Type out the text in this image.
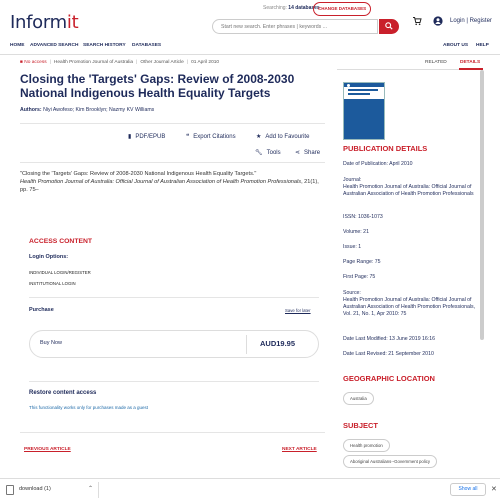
Informit
Searching: 14 databases
CHANGE DATABASES
Start new search. Enter phrases | keywords ...
Login | Register
HOME ADVANCED SEARCH SEARCH HISTORY DATABASES	ABOUT US HELP
■ No access | Health Promotion Journal of Australia | Other Journal Article | 01 April 2010
Closing the 'Targets' Gaps: Review of 2008-2030 National Indigenous Health Equality Targets
Authors: Niyi Awofeso; Kim Brooklyn; Nazmy KV Williams
▮ PDF/EPUB	❝ Export Citations	★ Add to Favourite
🔧︎ Tools ⋖ Share
"Closing the 'Targets' Gaps: Review of 2008-2030 National Indigenous Health Equality Targets."
Health Promotion Journal of Australia: Official Journal of Australian Association of Health Promotion Professionals, 21(1), pp. 75–
ACCESS CONTENT
Login Options:
INDIVIDUAL LOGIN/REGISTER
INSTITUTIONAL LOGIN
Purchase	Save for later
Buy Now	AUD19.95
Restore content access
This functionality works only for purchases made as a guest
PREVIOUS ARTICLE	NEXT ARTICLE
RELATED	DETAILS
PUBLICATION DETAILS
Date of Publication: April 2010
Journal:
Health Promotion Journal of Australia: Official Journal of Australian Association of Health Promotion Professionals
ISSN: 1036-1073
Volume: 21
Issue: 1
Page Range: 75
First Page: 75
Source:
Health Promotion Journal of Australia: Official Journal of Australian Association of Health Promotion Professionals, Vol. 21, No. 1, Apr 2010: 75
Date Last Modified: 13 June 2019 16:16
Date Last Revised: 21 September 2010
GEOGRAPHIC LOCATION
Australia
SUBJECT
Health promotion
Aboriginal Australians--Government policy
download (1)	⌃	Show all	✕
